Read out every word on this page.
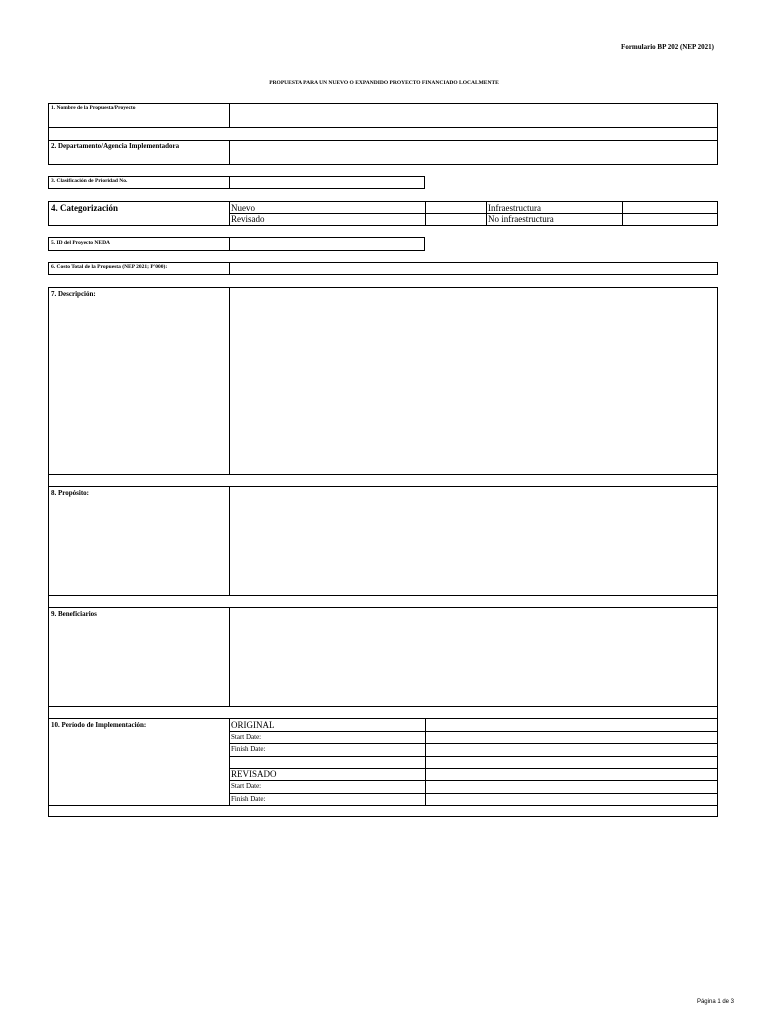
Formulario BP 202 (NEP 2021)
PROPUESTA PARA UN NUEVO O EXPANDIDO PROYECTO FINANCIADO LOCALMENTE
1. Nombre de la Propuesta/Proyecto
2. Departamento/Agencia Implementadora
3. Clasificación de Prioridad No.
4. Categorización	Nuevo
Revisado
Infraestructura
No infraestructura
5. ID del Proyecto NEDA
6. Costo Total de la Propuesta (NEP 2021; P'000):
7. Descripción:
8. Propósito:
9. Beneficiarios
10. Período de Implementación:	ORIGINAL
Start Date:
Finish Date:
REVISADO
Start Date:
Finish Date:
Página 1 de 3
